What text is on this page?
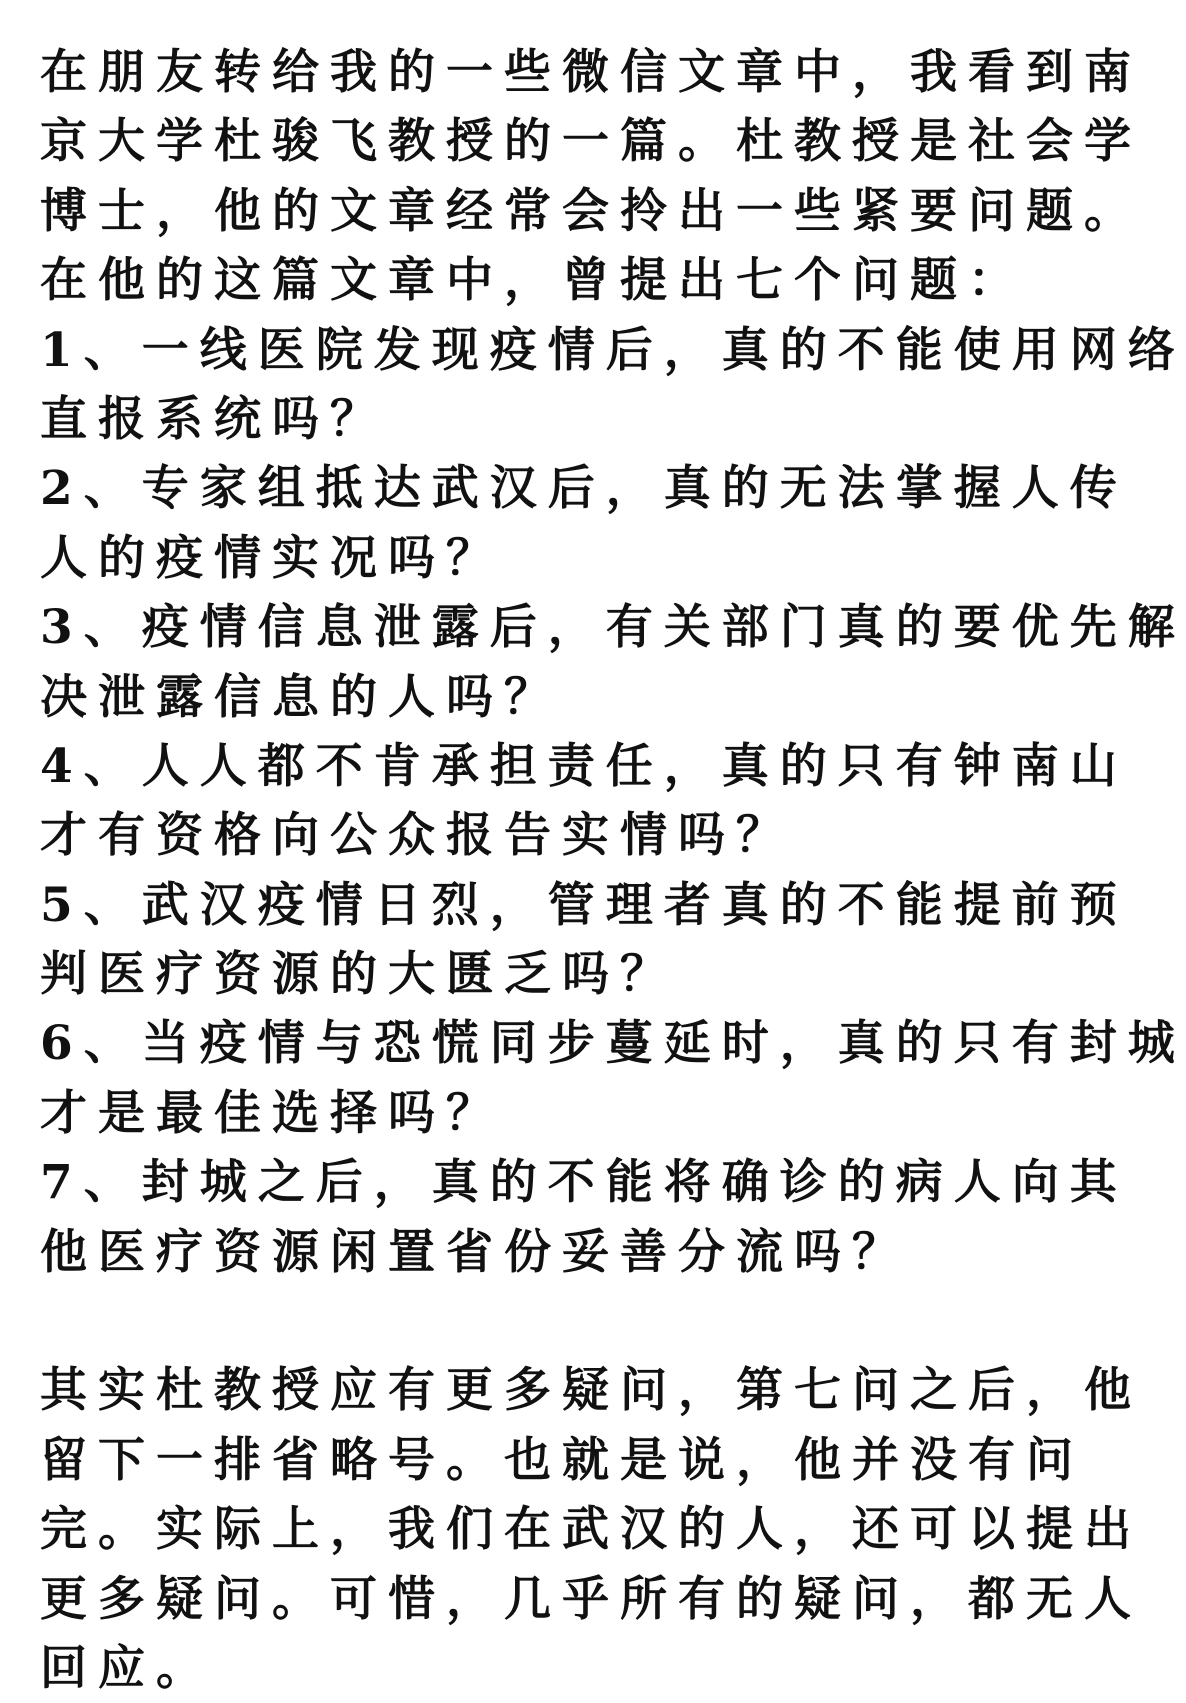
在朋友转给我的一些微信文章中，我看到南
京大学杜骏飞教授的一篇。杜教授是社会学
博士，他的文章经常会拎出一些紧要问题。
在他的这篇文章中，曾提出七个问题：
1、一线医院发现疫情后，真的不能使用网络
直报系统吗？
2、专家组抵达武汉后，真的无法掌握人传
人的疫情实况吗？
3、疫情信息泄露后，有关部门真的要优先解
决泄露信息的人吗？
4、人人都不肯承担责任，真的只有钟南山
才有资格向公众报告实情吗？
5、武汉疫情日烈，管理者真的不能提前预
判医疗资源的大匮乏吗？
6、当疫情与恐慌同步蔓延时，真的只有封城
才是最佳选择吗？
7、封城之后，真的不能将确诊的病人向其
他医疗资源闲置省份妥善分流吗？
其实杜教授应有更多疑问，第七问之后，他
留下一排省略号。也就是说，他并没有问
完。实际上，我们在武汉的人，还可以提出
更多疑问。可惜，几乎所有的疑问，都无人
回应。
